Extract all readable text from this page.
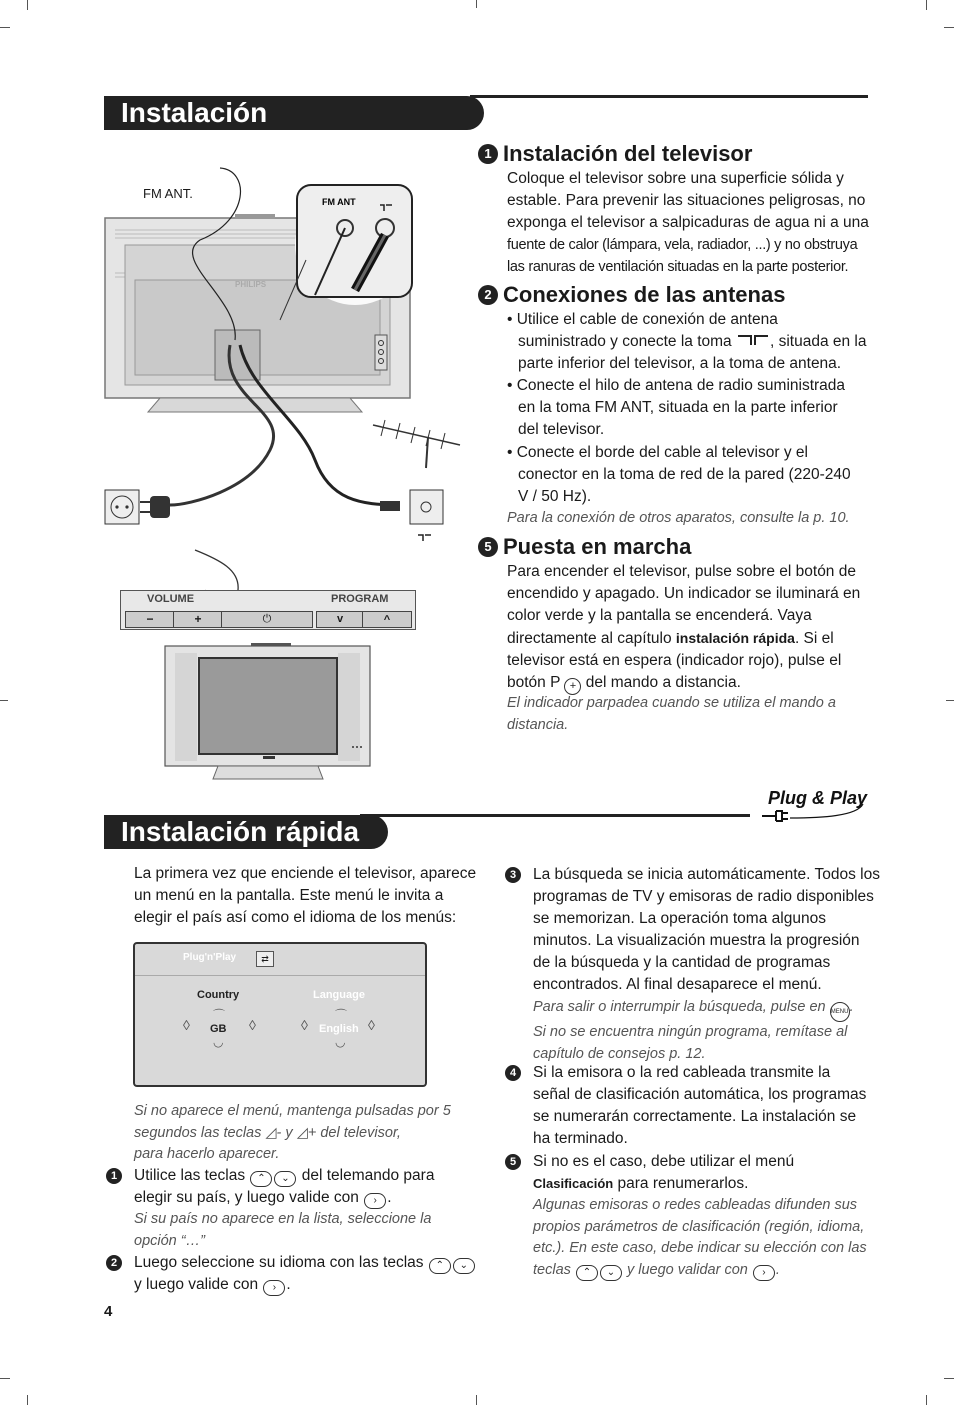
Instalación
PHILIPS
FM ANT
FM ANT.
VOLUME	PROGRAM
−	+	⏻	v	^
1 Instalación del televisor
Coloque el televisor sobre una superficie sólida y
estable. Para prevenir las situaciones peligrosas, no
exponga el televisor a salpicaduras de agua ni a una
fuente de calor (lámpara, vela, radiador, ...) y no obstruya
las ranuras de ventilación situadas en la parte posterior.
2 Conexiones de las antenas
• Utilice el cable de conexión de antena
suministrado y conecte la toma , situada en la
parte inferior del televisor, a la toma de antena.
• Conecte el hilo de antena de radio suministrada
en la toma FM ANT, situada en la parte inferior
del televisor.
• Conecte el borde del cable al televisor y el
conector en la toma de red de la pared (220-240
V / 50 Hz).
Para la conexión de otros aparatos, consulte la p. 10.
5 Puesta en marcha
Para encender el televisor, pulse sobre el botón de
encendido y apagado. Un indicador se iluminará en
color verde y la pantalla se encenderá. Vaya
directamente al capítulo instalación rápida. Si el
televisor está en espera (indicador rojo), pulse el
botón P + del mando a distancia.
El indicador parpadea cuando se utiliza el mando a
distancia.
Plug & Play
Instalación rápida
La primera vez que enciende el televisor, aparece
un menú en la pantalla. Este menú le invita a
elegir el país así como el idioma de los menús:
Plug'n'Play	⇄
Country	Language
◊
⌒
GB
◡
◊	◊
⌒
English
◡
◊
Si no aparece el menú, mantenga pulsadas por 5
segundos las teclas ◿- y ◿+ del televisor,
para hacerlo aparecer.
1	Utilice las teclas ⌃ ⌄ del telemando para
elegir su país, y luego valide con › .
Si su país no aparece en la lista, seleccione la
opción “…”
2	Luego seleccione su idioma con las teclas ⌃ ⌄
y luego valide con › .
3	La búsqueda se inicia automáticamente. Todos los
programas de TV y emisoras de radio disponibles
se memorizan. La operación toma algunos
minutos. La visualización muestra la progresión
de la búsqueda y la cantidad de programas
encontrados. Al final desaparece el menú.
Para salir o interrumpir la búsqueda, pulse en MENU.
Si no se encuentra ningún programa, remítase al
capítulo de consejos p. 12.
4	Si la emisora o la red cableada transmite la
señal de clasificación automática, los programas
se numerarán correctamente. La instalación se
ha terminado.
5	Si no es el caso, debe utilizar el menú
Clasificación para renumerarlos.
Algunas emisoras o redes cableadas difunden sus
propios parámetros de clasificación (región, idioma,
etc.). En este caso, debe indicar su elección con las
teclas ⌃ ⌄ y luego validar con › .
4
